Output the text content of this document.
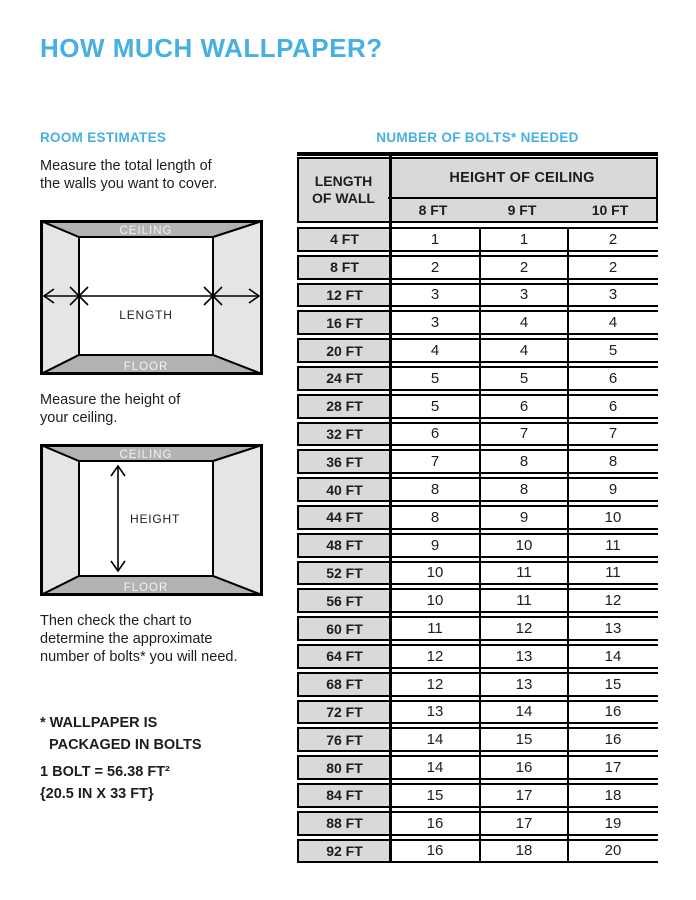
HOW MUCH WALLPAPER?
ROOM ESTIMATES	NUMBER OF BOLTS* NEEDED
Measure the total length of
the walls you want to cover.
CEILING
FLOOR
LENGTH
Measure the height of
your ceiling.
CEILING
FLOOR
HEIGHT
Then check the chart to
determine the approximate
number of bolts* you will need.
* WALLPAPER IS
PACKAGED IN BOLTS
1 BOLT = 56.38 FT²
{20.5 IN X 33 FT}
LENGTH OF WALL
HEIGHT OF CEILING
8 FT	9 FT	10 FT
4 FT	1	1	2
8 FT	2	2	2
12 FT	3	3	3
16 FT	3	4	4
20 FT	4	4	5
24 FT	5	5	6
28 FT	5	6	6
32 FT	6	7	7
36 FT	7	8	8
40 FT	8	8	9
44 FT	8	9	10
48 FT	9	10	11
52 FT	10	11	11
56 FT	10	11	12
60 FT	11	12	13
64 FT	12	13	14
68 FT	12	13	15
72 FT	13	14	16
76 FT	14	15	16
80 FT	14	16	17
84 FT	15	17	18
88 FT	16	17	19
92 FT	16	18	20
